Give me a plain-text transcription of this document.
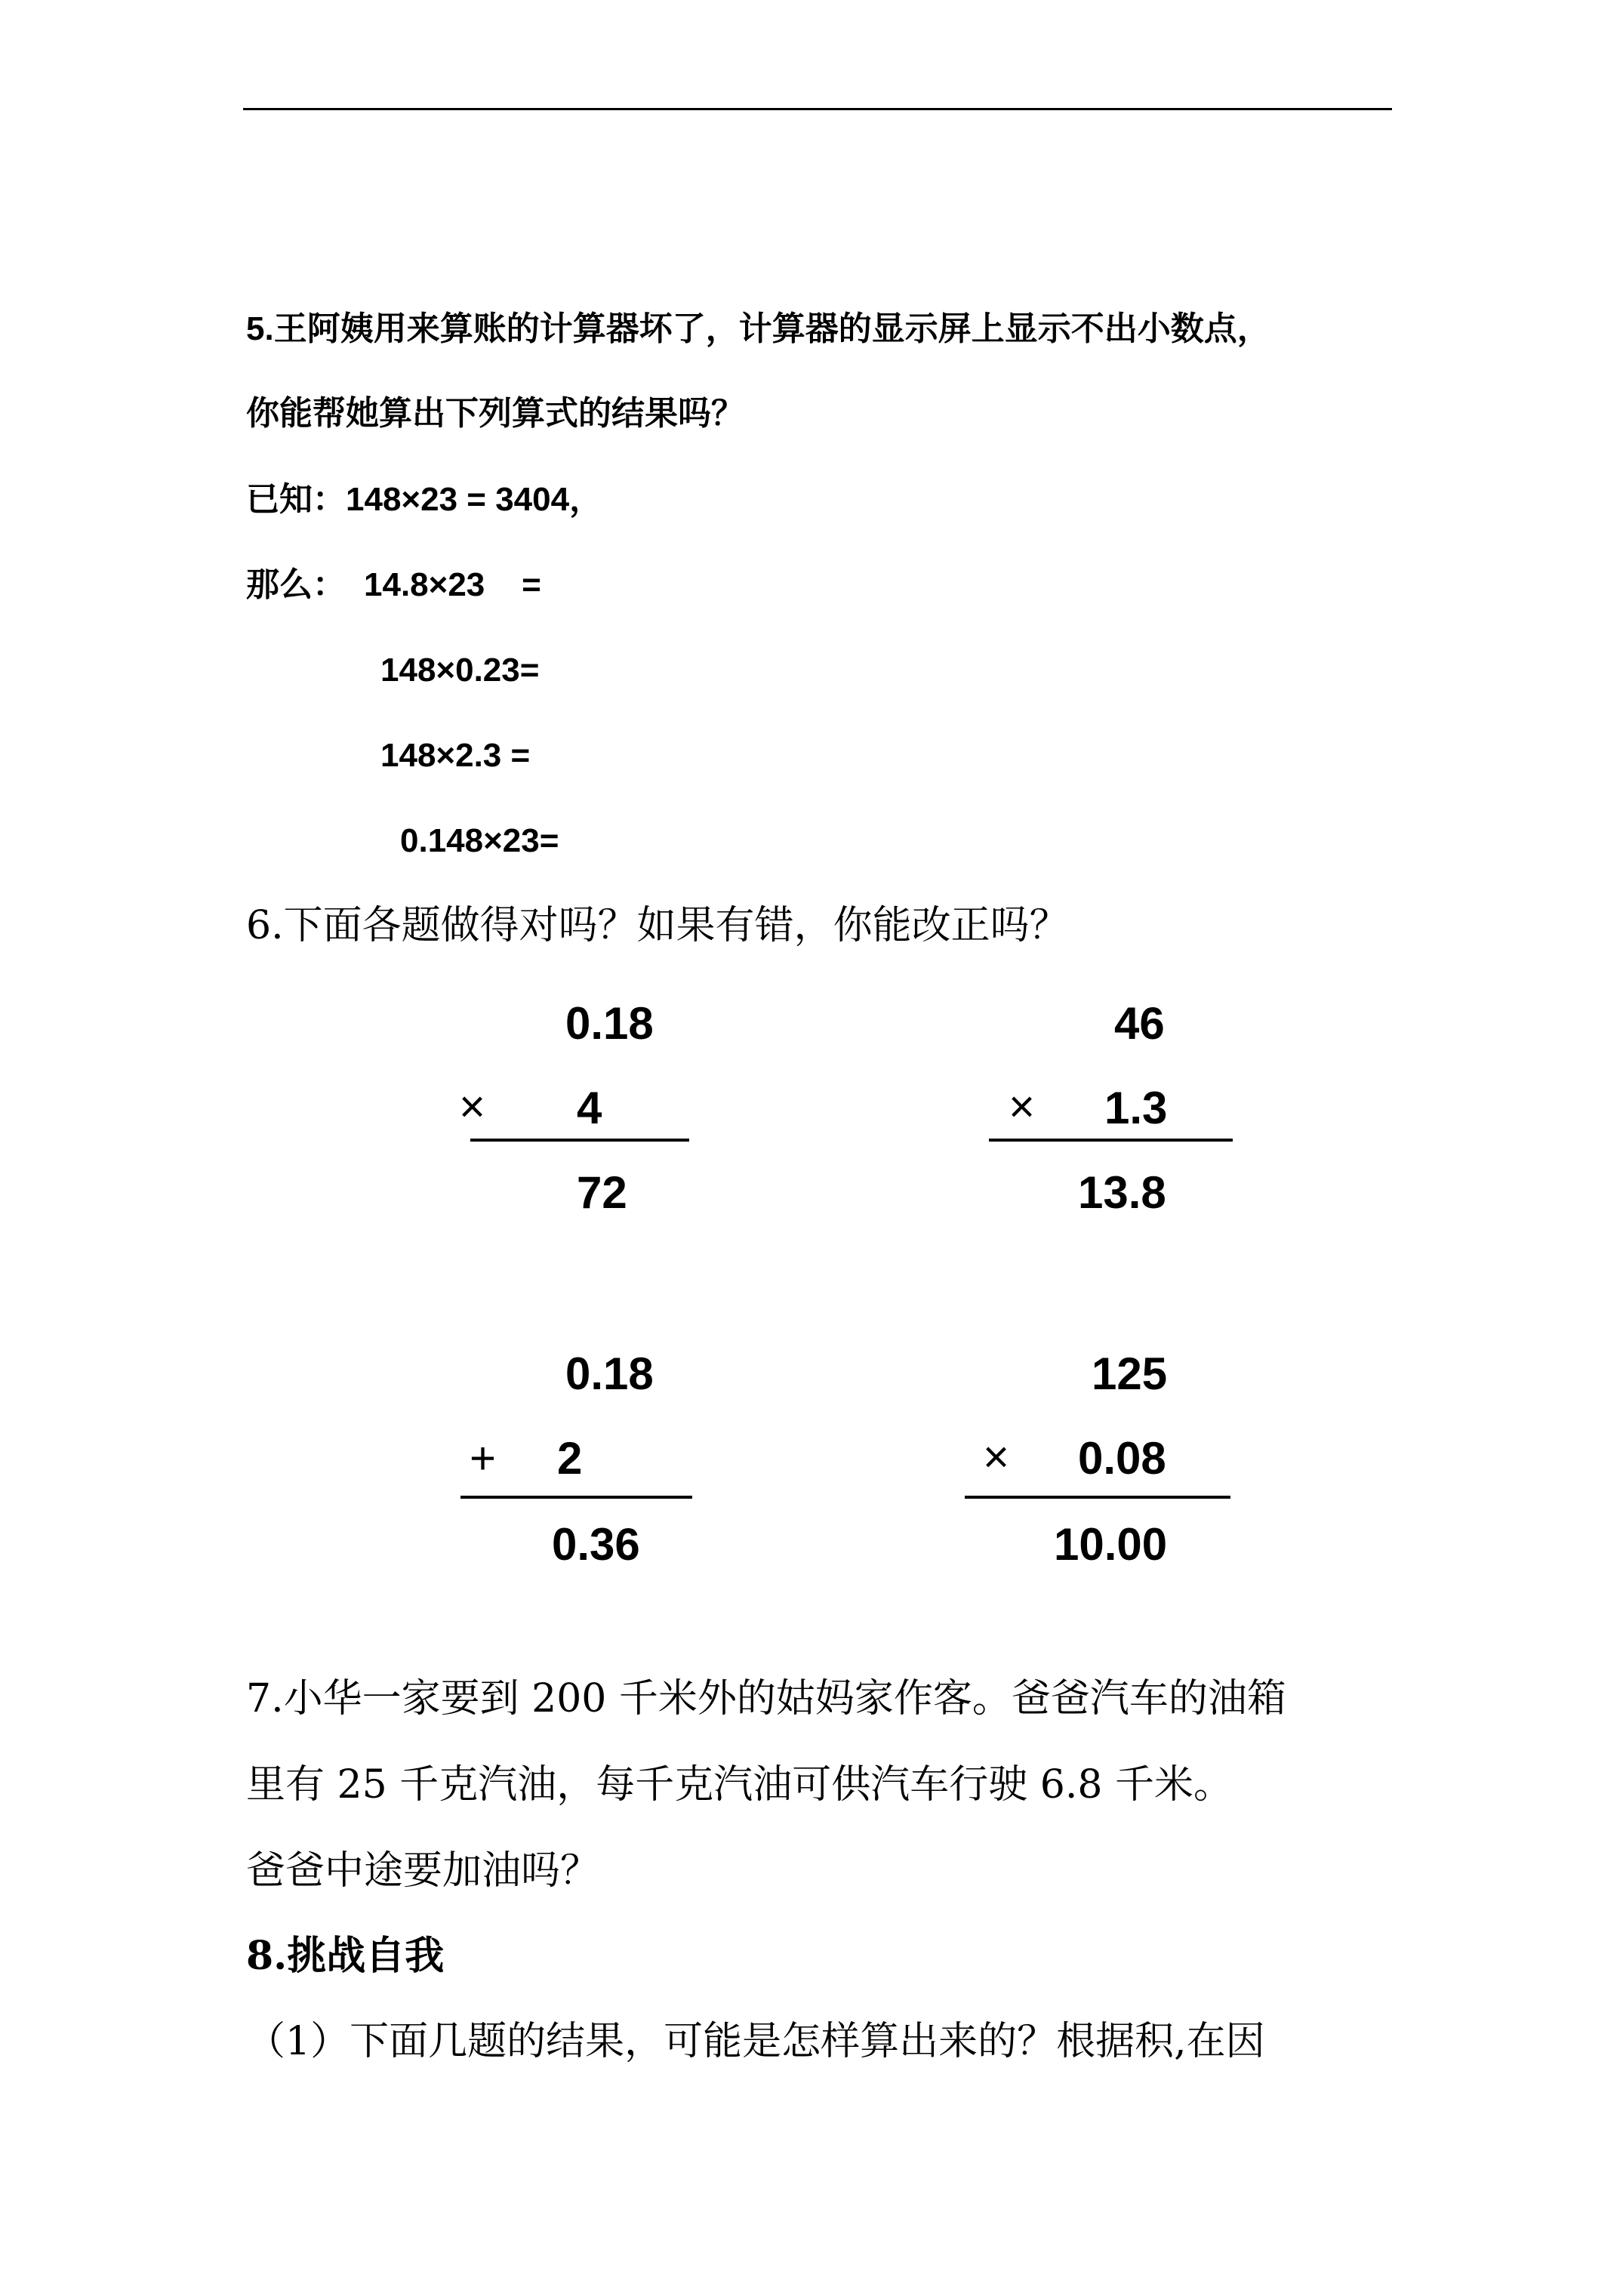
5.王阿姨用来算账的计算器坏了，计算器的显示屏上显示不出小数点，
你能帮她算出下列算式的结果吗？
已知：148×23 = 3404，
那么： 14.8×23    =
148×0.23=
148×2.3 =
0.148×23=
6.下面各题做得对吗？如果有错，你能改正吗？
0.18
× 4
72
46
× 1.3
13.8
0.18
+ 2
0.36
125
× 0.08
10.00
7.小华一家要到 200 千米外的姑妈家作客。爸爸汽车的油箱
里有 25 千克汽油，每千克汽油可供汽车行驶 6.8 千米。
爸爸中途要加油吗？
8.挑战自我
（1）下面几题的结果，可能是怎样算出来的？根据积,在因
